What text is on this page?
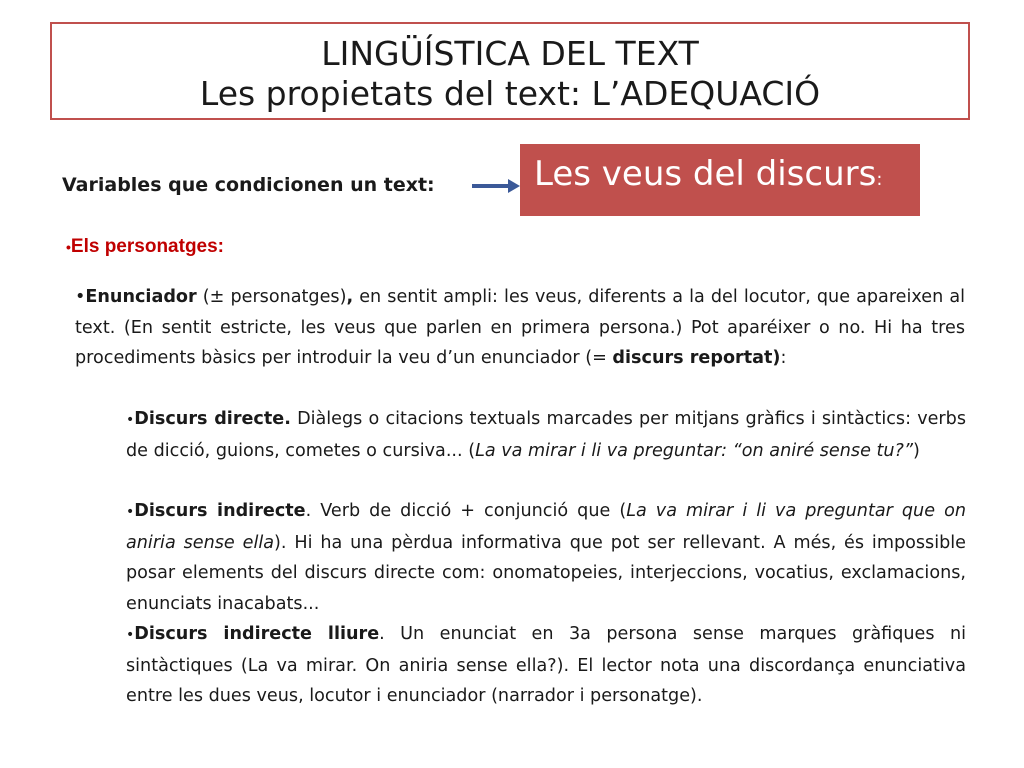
LINGÜÍSTICA DEL TEXT
Les propietats del text: L’ADEQUACIÓ
Variables que condicionen un text:	Les veus del discurs:
•Els personatges:
•Enunciador (± personatges), en sentit ampli: les veus, diferents a la del locutor, que apareixen al text. (En sentit estricte, les veus que parlen en primera persona.) Pot aparéixer o no. Hi ha tres procediments bàsics per introduir la veu d’un enunciador (= discurs reportat):
•Discurs directe. Diàlegs o citacions textuals marcades per mitjans gràfics i sintàctics: verbs de dicció, guions, cometes o cursiva... (La va mirar i li va preguntar: “on aniré sense tu?”)
•Discurs indirecte. Verb de dicció + conjunció que (La va mirar i li va preguntar que on aniria sense ella). Hi ha una pèrdua informativa que pot ser rellevant. A més, és impossible posar elements del discurs directe com: onomatopeies, interjeccions, vocatius, exclamacions, enunciats inacabats...
•Discurs indirecte lliure. Un enunciat en 3a persona sense marques gràfiques ni sintàctiques (La va mirar. On aniria sense ella?). El lector nota una discordança enunciativa entre les dues veus, locutor i enunciador (narrador i personatge).
